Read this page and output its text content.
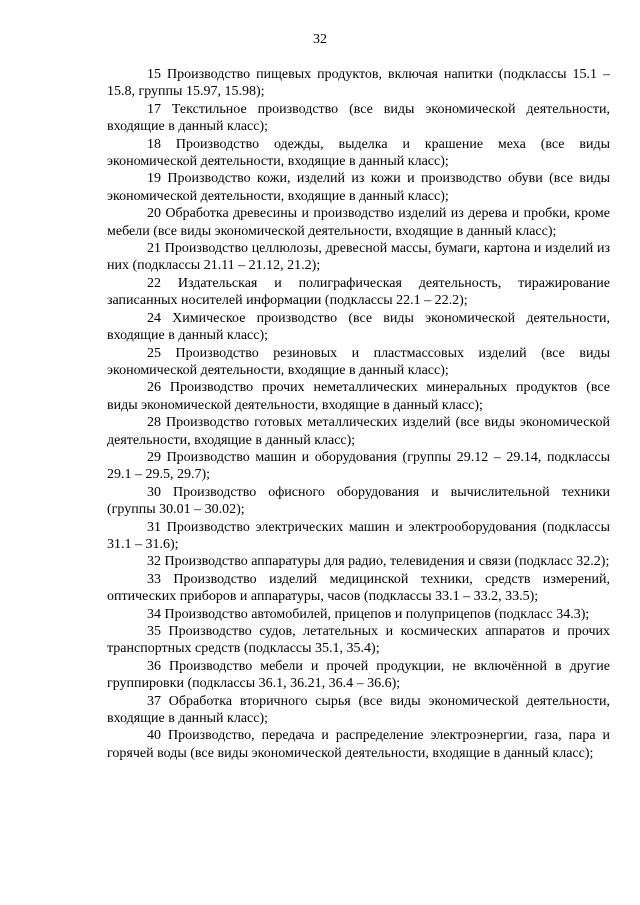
32

15 Производство пищевых продуктов, включая напитки (подклассы 15.1 – 15.8, группы 15.97, 15.98);

17 Текстильное производство (все виды экономической деятельности, входящие в данный класс);

18 Производство одежды, выделка и крашение меха (все виды экономической деятельности, входящие в данный класс);

19 Производство кожи, изделий из кожи и производство обуви (все виды экономической деятельности, входящие в данный класс);

20 Обработка древесины и производство изделий из дерева и пробки, кроме мебели (все виды экономической деятельности, входящие в данный класс);

21 Производство целлюлозы, древесной массы, бумаги, картона и изделий из них (подклассы 21.11 – 21.12, 21.2);

22 Издательская и полиграфическая деятельность, тиражирование записанных носителей информации (подклассы 22.1 – 22.2);

24 Химическое производство (все виды экономической деятельности, входящие в данный класс);

25 Производство резиновых и пластмассовых изделий (все виды экономической деятельности, входящие в данный класс);

26 Производство прочих неметаллических минеральных продуктов (все виды экономической деятельности, входящие в данный класс);

28 Производство готовых металлических изделий (все виды экономической деятельности, входящие в данный класс);

29 Производство машин и оборудования (группы 29.12 – 29.14, подклассы 29.1 – 29.5, 29.7);

30 Производство офисного оборудования и вычислительной техники (группы 30.01 – 30.02);

31 Производство электрических машин и электрооборудования (подклассы 31.1 – 31.6);

32 Производство аппаратуры для радио, телевидения и связи (подкласс 32.2);

33 Производство изделий медицинской техники, средств измерений, оптических приборов и аппаратуры, часов (подклассы 33.1 – 33.2, 33.5);

34 Производство автомобилей, прицепов и полуприцепов (подкласс 34.3);

35 Производство судов, летательных и космических аппаратов и прочих транспортных средств (подклассы 35.1, 35.4);

36 Производство мебели и прочей продукции, не включённой в другие группировки (подклассы 36.1, 36.21, 36.4 – 36.6);

37 Обработка вторичного сырья (все виды экономической деятельности, входящие в данный класс);

40 Производство, передача и распределение электроэнергии, газа, пара и горячей воды (все виды экономической деятельности, входящие в данный класс);
